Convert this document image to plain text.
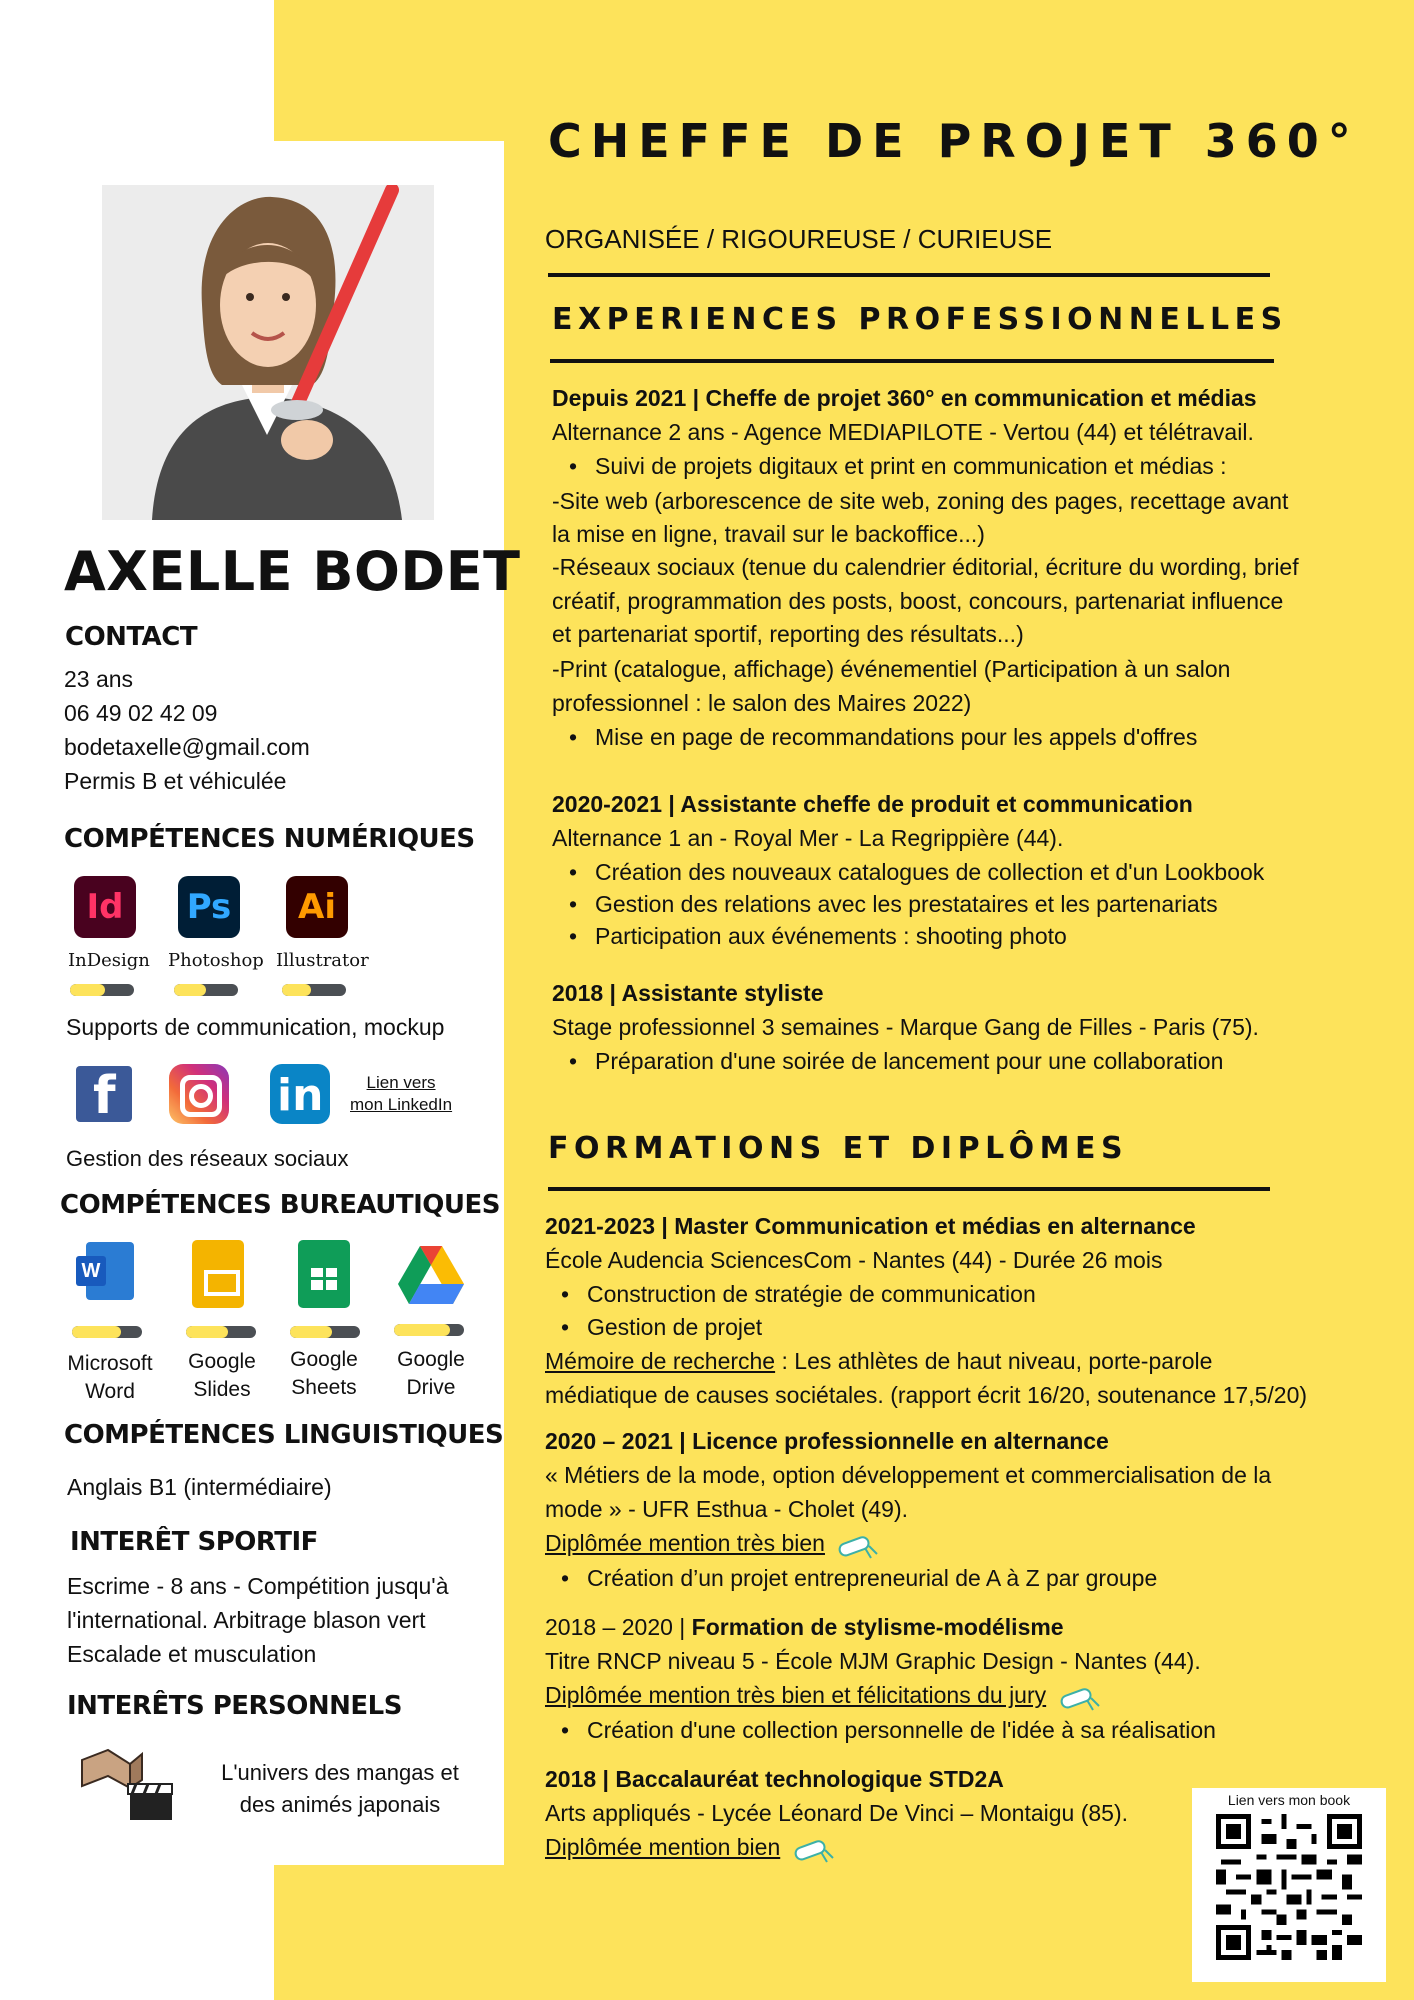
AXELLE BODET
CONTACT
23 ans
06 49 02 42 09
bodetaxelle@gmail.com
Permis B et véhiculée
COMPÉTENCES NUMÉRIQUES
Id Ps Ai
InDesign Photoshop Illustrator
Supports de communication, mockup
f	in	Lien vers
mon LinkedIn
Gestion des réseaux sociaux
COMPÉTENCES BUREAUTIQUES
W
Microsoft
Word
Google
Slides
Google
Sheets
Google
Drive
COMPÉTENCES LINGUISTIQUES
Anglais B1 (intermédiaire)
INTERÊT SPORTIF
Escrime - 8 ans - Compétition jusqu'à
l'international. Arbitrage blason vert
Escalade et musculation
INTERÊTS PERSONNELS
L'univers des mangas et
des animés japonais
CHEFFE DE PROJET 360°
ORGANISÉE / RIGOUREUSE / CURIEUSE
EXPERIENCES PROFESSIONNELLES
Depuis 2021 | Cheffe de projet 360° en communication et médias
Alternance 2 ans - Agence MEDIAPILOTE - Vertou (44) et télétravail.
• Suivi de projets digitaux et print en communication et médias :
-Site web (arborescence de site web, zoning des pages, recettage avant
la mise en ligne, travail sur le backoffice...)
-Réseaux sociaux (tenue du calendrier éditorial, écriture du wording, brief
créatif, programmation des posts, boost, concours, partenariat influence
et partenariat sportif, reporting des résultats...)
-Print (catalogue, affichage) événementiel (Participation à un salon
professionnel : le salon des Maires 2022)
• Mise en page de recommandations pour les appels d'offres
2020-2021 | Assistante cheffe de produit et communication
Alternance 1 an - Royal Mer - La Regrippière (44).
• Création des nouveaux catalogues de collection et d'un Lookbook
• Gestion des relations avec les prestataires et les partenariats
• Participation aux événements : shooting photo
2018 | Assistante styliste
Stage professionnel 3 semaines - Marque Gang de Filles - Paris (75).
• Préparation d'une soirée de lancement pour une collaboration
FORMATIONS ET DIPLÔMES
2021-2023 | Master Communication et médias en alternance
École Audencia SciencesCom - Nantes (44) - Durée 26 mois
• Construction de stratégie de communication
• Gestion de projet
Mémoire de recherche : Les athlètes de haut niveau, porte-parole
médiatique de causes sociétales. (rapport écrit 16/20, soutenance 17,5/20)
2020 – 2021 | Licence professionnelle en alternance
« Métiers de la mode, option développement et commercialisation de la
mode » - UFR Esthua - Cholet (49).
Diplômée mention très bien
• Création d’un projet entrepreneurial de A à Z par groupe
2018 – 2020 | Formation de stylisme-modélisme
Titre RNCP niveau 5 - École MJM Graphic Design - Nantes (44).
Diplômée mention très bien et félicitations du jury
• Création d'une collection personnelle de l'idée à sa réalisation
2018 | Baccalauréat technologique STD2A
Arts appliqués - Lycée Léonard De Vinci – Montaigu (85).
Diplômée mention bien
Lien vers mon book
